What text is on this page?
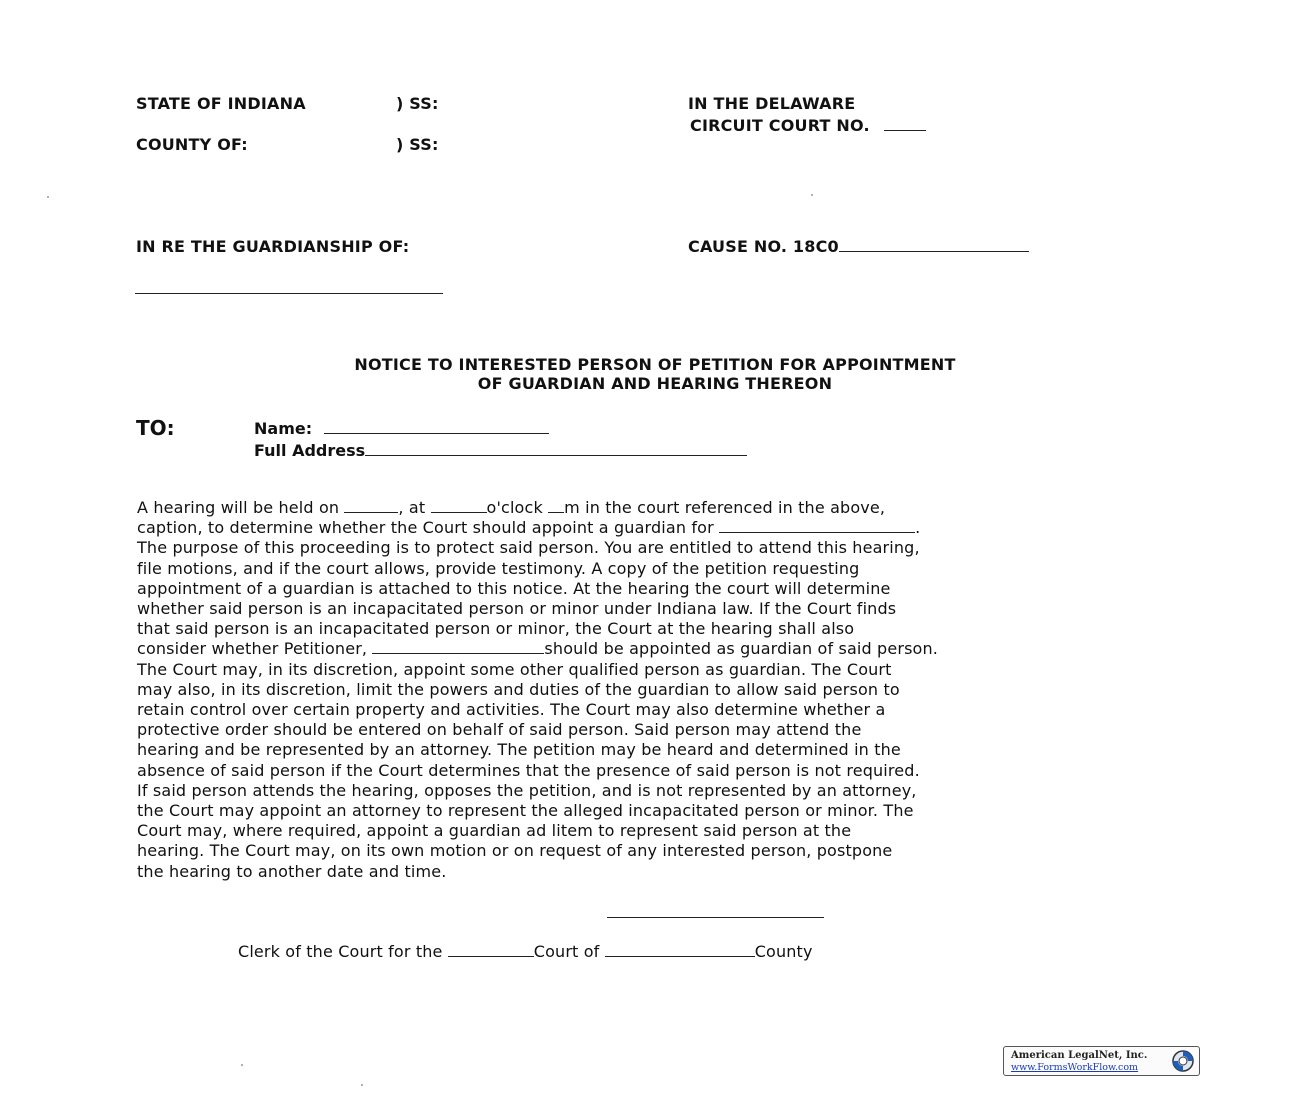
STATE OF INDIANA	) SS:
COUNTY OF:	) SS:
IN THE DELAWARE
CIRCUIT COURT NO.
IN RE THE GUARDIANSHIP OF:	CAUSE NO. 18C0
NOTICE TO INTERESTED PERSON OF PETITION FOR APPOINTMENT
OF GUARDIAN AND HEARING THEREON
TO:	Name:
Full Address
A hearing will be held on	, at	o'clock m in the court referenced in the above,
caption, to determine whether the Court should appoint a guardian for	.
The purpose of this proceeding is to protect said person. You are entitled to attend this hearing,
file motions, and if the court allows, provide testimony. A copy of the petition requesting
appointment of a guardian is attached to this notice. At the hearing the court will determine
whether said person is an incapacitated person or minor under Indiana law. If the Court finds
that said person is an incapacitated person or minor, the Court at the hearing shall also
consider whether Petitioner,	should be appointed as guardian of said person.
The Court may, in its discretion, appoint some other qualified person as guardian. The Court
may also, in its discretion, limit the powers and duties of the guardian to allow said person to
retain control over certain property and activities. The Court may also determine whether a
protective order should be entered on behalf of said person. Said person may attend the
hearing and be represented by an attorney. The petition may be heard and determined in the
absence of said person if the Court determines that the presence of said person is not required.
If said person attends the hearing, opposes the petition, and is not represented by an attorney,
the Court may appoint an attorney to represent the alleged incapacitated person or minor. The
Court may, where required, appoint a guardian ad litem to represent said person at the
hearing. The Court may, on its own motion or on request of any interested person, postpone
the hearing to another date and time.
Clerk of the Court for the	Court of	County
American LegalNet, Inc.
www.FormsWorkFlow.com
